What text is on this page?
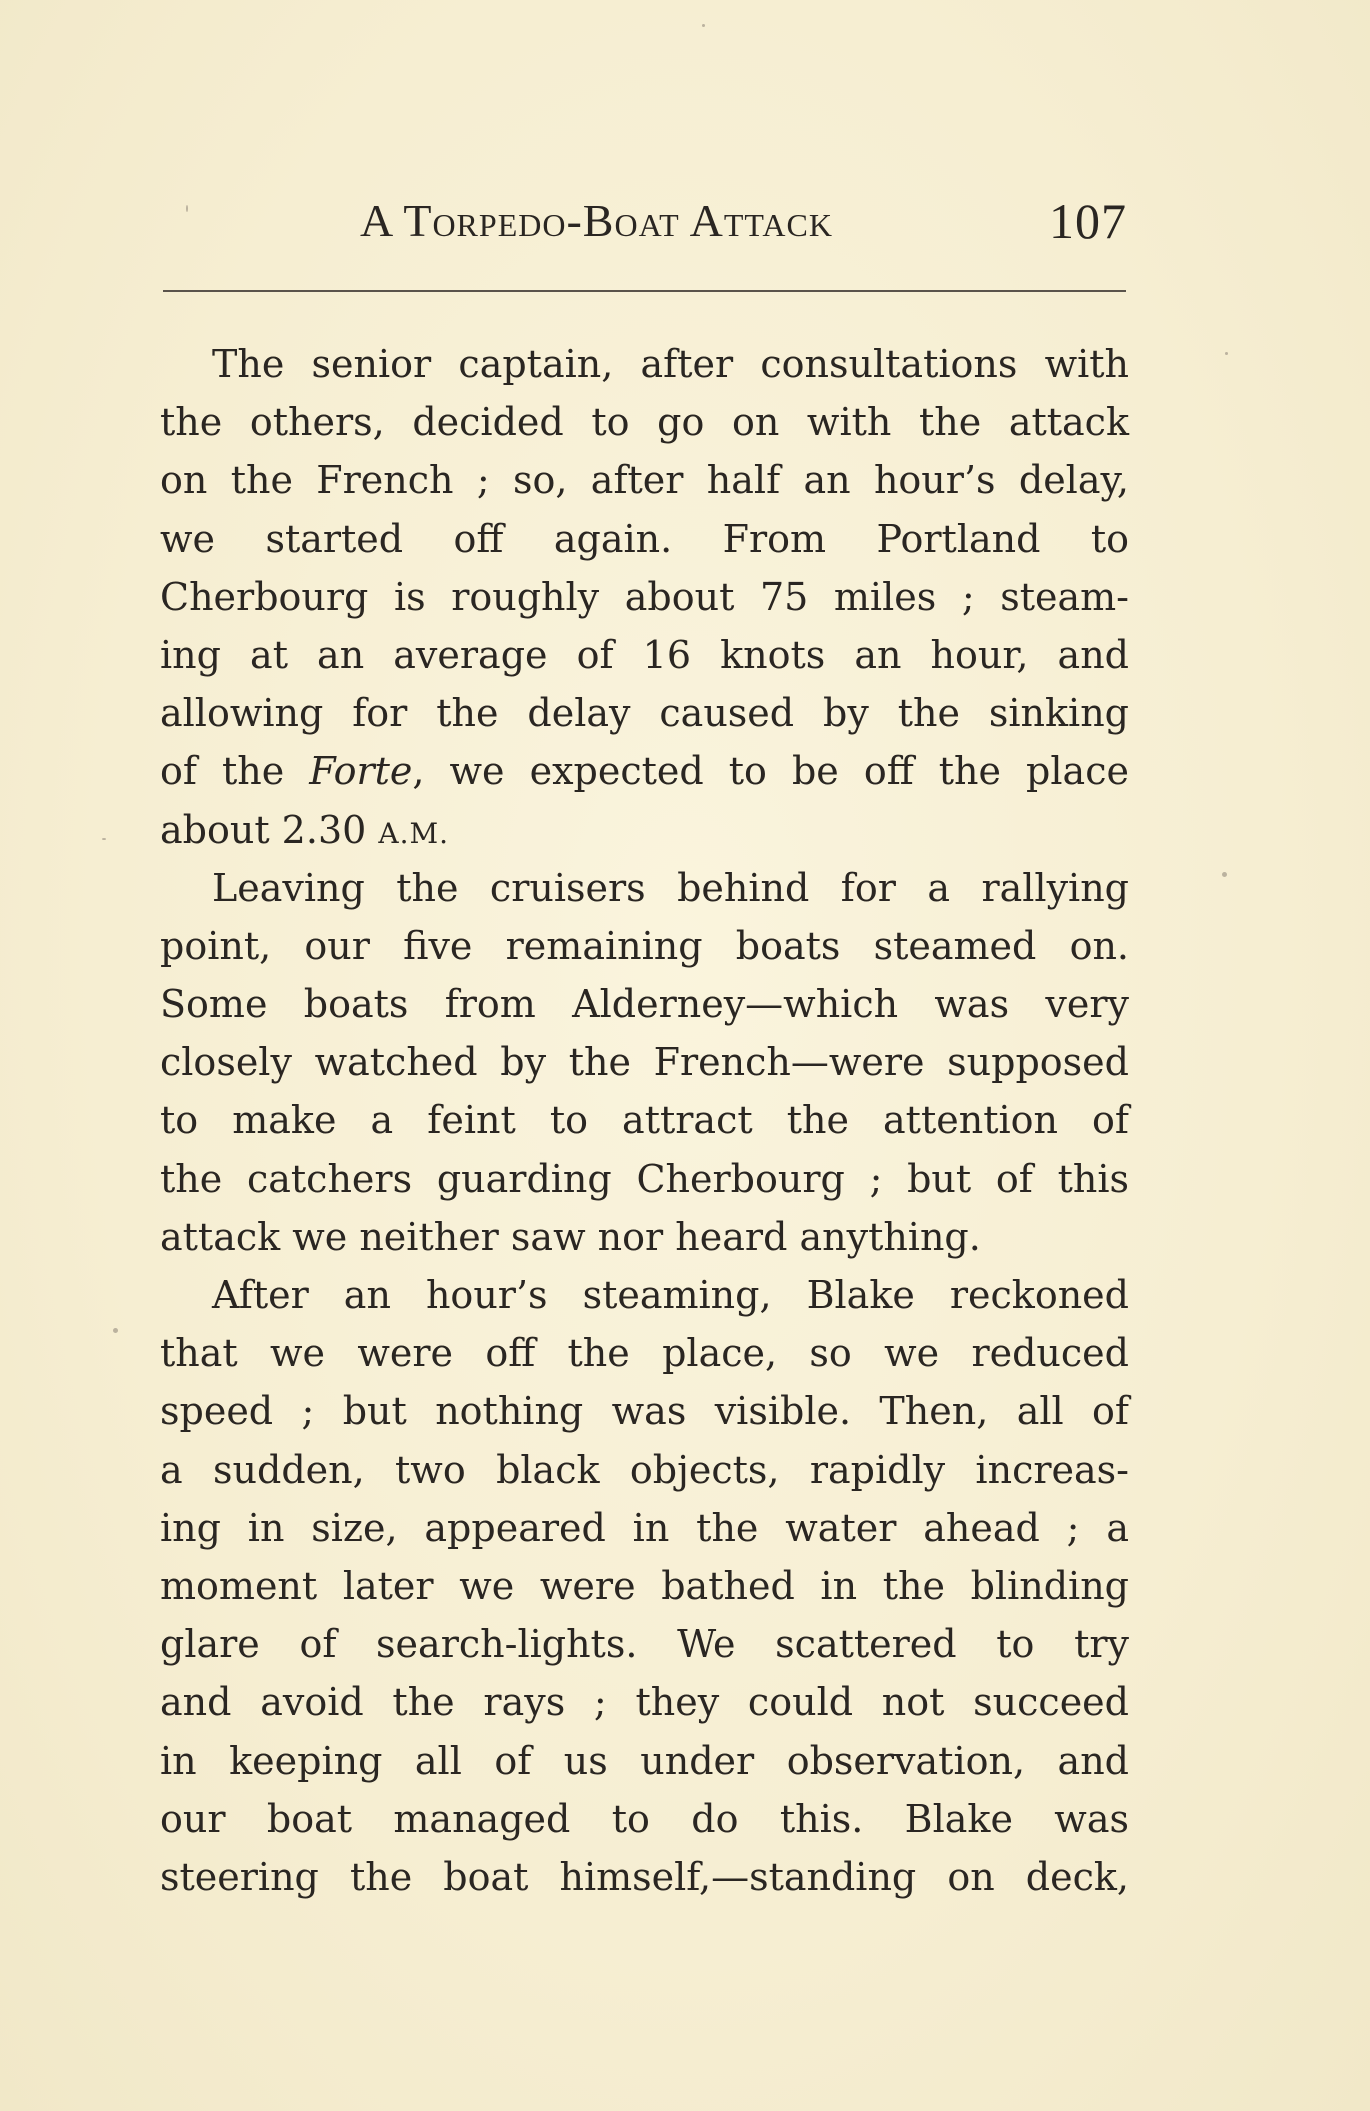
A Torpedo-Boat Attack	107
The senior captain, after consultations with
the others, decided to go on with the attack
on the French ; so, after half an hour’s delay,
we started off again. From Portland to
Cherbourg is roughly about 75 miles ; steam-
ing at an average of 16 knots an hour, and
allowing for the delay caused by the sinking
of the Forte, we expected to be off the place
about 2.30 A.M.
Leaving the cruisers behind for a rallying
point, our five remaining boats steamed on.
Some boats from Alderney—which was very
closely watched by the French—were supposed
to make a feint to attract the attention of
the catchers guarding Cherbourg ; but of this
attack we neither saw nor heard anything.
After an hour’s steaming, Blake reckoned
that we were off the place, so we reduced
speed ; but nothing was visible. Then, all of
a sudden, two black objects, rapidly increas-
ing in size, appeared in the water ahead ; a
moment later we were bathed in the blinding
glare of search-lights. We scattered to try
and avoid the rays ; they could not succeed
in keeping all of us under observation, and
our boat managed to do this. Blake was
steering the boat himself,—standing on deck,
